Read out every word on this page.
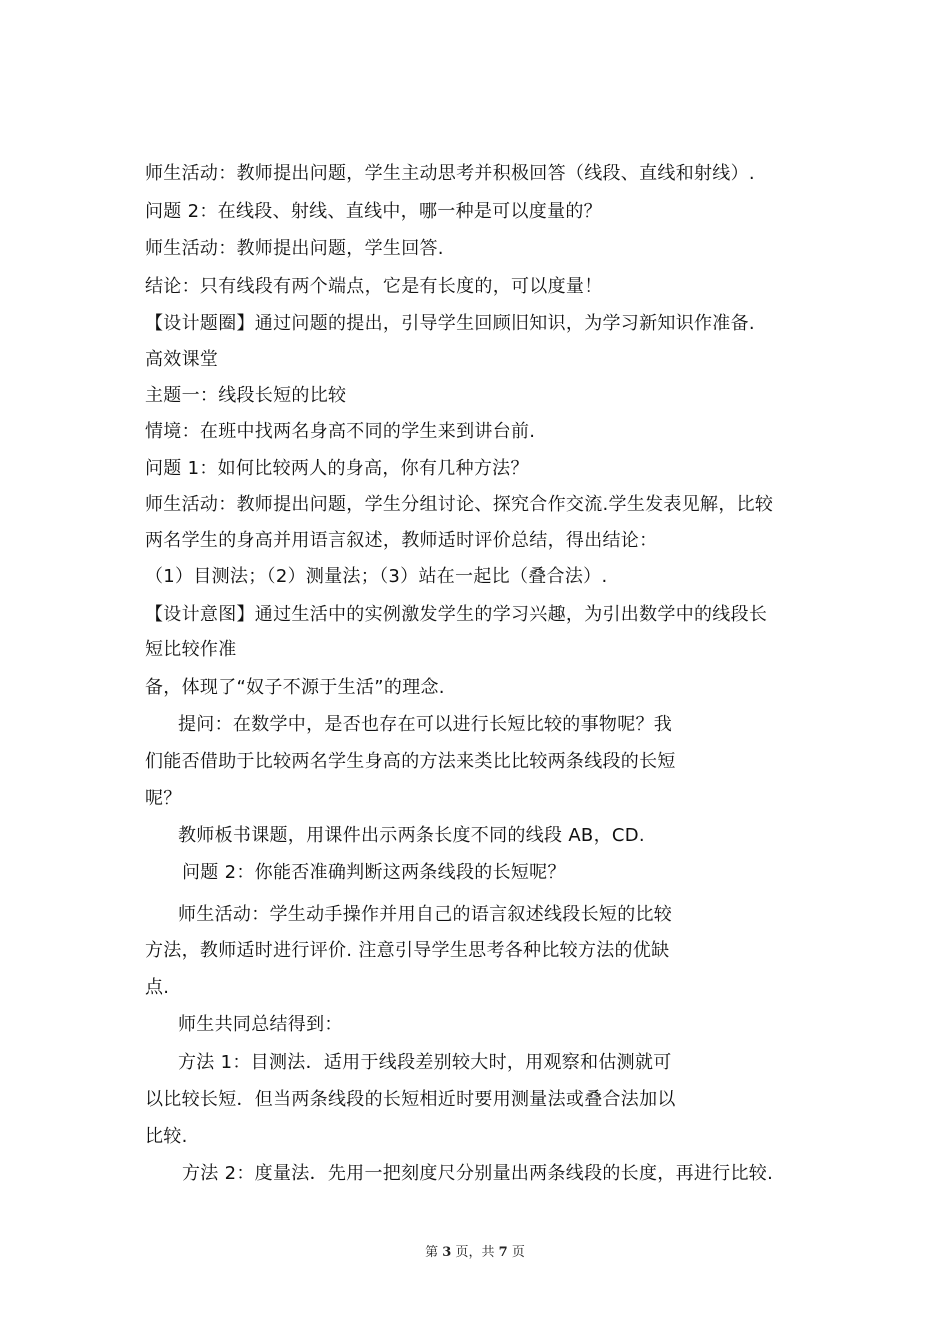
师生活动：教师提出问题，学生主动思考并积极回答（线段、直线和射线）.
问题 2：在线段、射线、直线中，哪一种是可以度量的？
师生活动：教师提出问题，学生回答.
结论：只有线段有两个端点，它是有长度的，可以度量！
【设计题圈】通过问题的提出，引导学生回顾旧知识，为学习新知识作准备.
高效课堂
主题一：线段长短的比较
情境：在班中找两名身高不同的学生来到讲台前.
问题 1：如何比较两人的身高，你有几种方法？
师生活动：教师提出问题，学生分组讨论、探究合作交流.学生发表见解，比较
两名学生的身高并用语言叙述，教师适时评价总结，得出结论：
（1）目测法；（2）测量法；（3）站在一起比（叠合法）.
【设计意图】通过生活中的实例激发学生的学习兴趣，为引出数学中的线段长
短比较作准
备，体现了“奴子不源于生活”的理念.
提问：在数学中，是否也存在可以进行长短比较的事物呢？我
们能否借助于比较两名学生身高的方法来类比比较两条线段的长短
呢？
教师板书课题，用课件出示两条长度不同的线段 AB，CD.
问题 2：你能否准确判断这两条线段的长短呢？
师生活动：学生动手操作并用自己的语言叙述线段长短的比较
方法，教师适时进行评价. 注意引导学生思考各种比较方法的优缺
点.
师生共同总结得到：
方法 1：目测法．适用于线段差别较大时，用观察和估测就可
以比较长短．但当两条线段的长短相近时要用测量法或叠合法加以
比较.
方法 2：度量法．先用一把刻度尺分别量出两条线段的长度，再进行比较.
第 3 页，共 7 页
